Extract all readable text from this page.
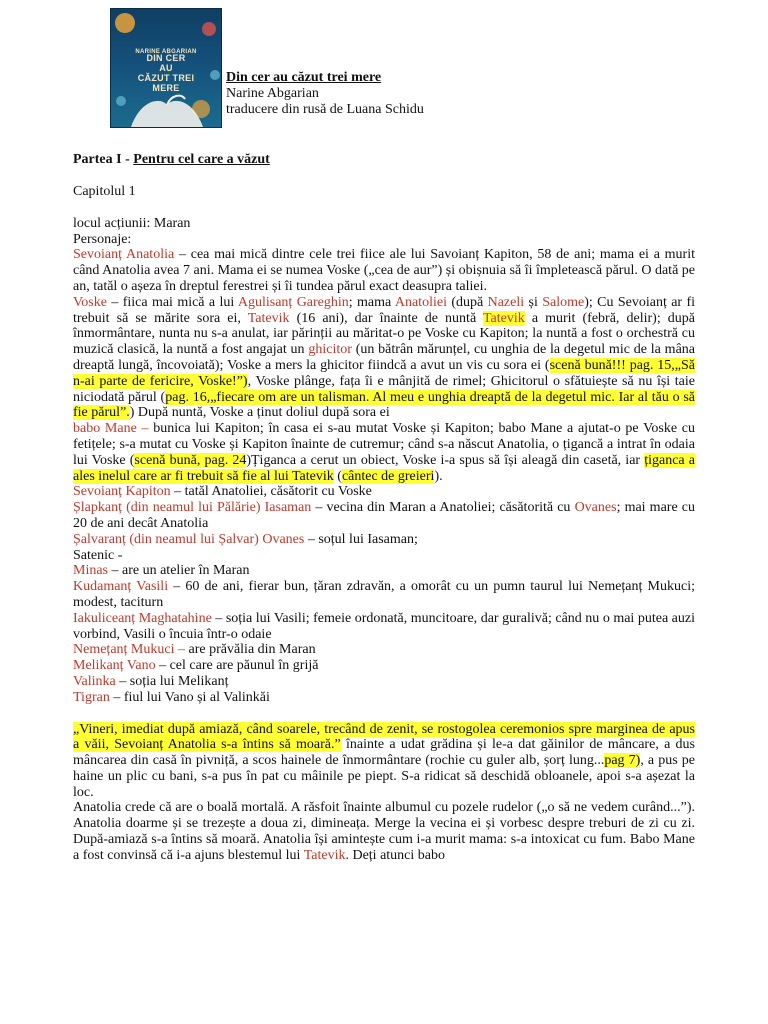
NARINE ABGARIAN
DIN CER
AU
CĂZUT TREI
MERE
HUMANITAS FICTION
Din cer au căzut trei mere
Narine Abgarian
traducere din rusă de Luana Schidu
Partea I - Pentru cel care a văzut
Capitolul 1
locul acțiunii: Maran
Personaje:

Sevoianț Anatolia – cea mai mică dintre cele trei fiice ale lui Savoianț Kapiton, 58 de ani; mama ei a murit când Anatolia avea 7 ani. Mama ei se numea Voske („cea de aur”) și obișnuia să îi împletească părul. O dată pe an, tatăl o așeza în dreptul ferestrei și îi tundea părul exact deasupra taliei.

Voske – fiica mai mică a lui Agulisanț Gareghin; mama Anatoliei (după Nazeli și Salome); Cu Sevoianț ar fi trebuit să se mărite sora ei, Tatevik (16 ani), dar înainte de nuntă Tatevik a murit (febră, delir); după înmormântare, nunta nu s-a anulat, iar părinții au măritat-o pe Voske cu Kapiton; la nuntă a fost o orchestră cu muzică clasică, la nuntă a fost angajat un ghicitor (un bătrân mărunțel, cu unghia de la degetul mic de la mâna dreaptă lungă, încovoiată); Voske a mers la ghicitor fiindcă a avut un vis cu sora ei (scenă bună!!! pag. 15,„Să n-ai parte de fericire, Voske!”), Voske plânge, fața îi e mânjită de rimel; Ghicitorul o sfătuiește să nu își taie niciodată părul (pag. 16,„fiecare om are un talisman. Al meu e unghia dreaptă de la degetul mic. Iar al tău o să fie părul”.) După nuntă, Voske a ținut doliul după sora ei

babo Mane – bunica lui Kapiton; în casa ei s-au mutat Voske și Kapiton; babo Mane a ajutat-o pe Voske cu fetițele; s-a mutat cu Voske și Kapiton înainte de cutremur; când s-a născut Anatolia, o țigancă a intrat în odaia lui Voske (scenă bună, pag. 24)Țiganca a cerut un obiect, Voske i-a spus să își aleagă din casetă, iar țiganca a ales inelul care ar fi trebuit să fie al lui Tatevik (cântec de greieri).

Sevoianț Kapiton – tatăl Anatoliei, căsătorit cu Voske

Șlapkanț (din neamul lui Pălărie) Iasaman – vecina din Maran a Anatoliei; căsătorită cu Ovanes; mai mare cu 20 de ani decât Anatolia

Șalvaranț (din neamul lui Șalvar) Ovanes – soțul lui Iasaman;

Satenic -

Minas – are un atelier în Maran

Kudamanț Vasili – 60 de ani, fierar bun, țăran zdravăn, a omorât cu un pumn taurul lui Nemețanț Mukuci; modest, taciturn

Iakuliceanț Maghatahine – soția lui Vasili; femeie ordonată, muncitoare, dar guralivă; când nu o mai putea auzi vorbind, Vasili o încuia într-o odaie

Nemețanț Mukuci – are prăvălia din Maran

Melikanț Vano – cel care are păunul în grijă

Valinka – soția lui Melikanț

Tigran – fiul lui Vano și al Valinkăi

„Vineri, imediat după amiază, când soarele, trecând de zenit, se rostogolea ceremonios spre marginea de apus a văii, Sevoianț Anatolia s-a întins să moară.” înainte a udat grădina și le-a dat găinilor de mâncare, a dus mâncarea din casă în pivniță, a scos hainele de înmormântare (rochie cu guler alb, șorț lung...pag 7), a pus pe haine un plic cu bani, s-a pus în pat cu mâinile pe piept. S-a ridicat să deschidă obloanele, apoi s-a așezat la loc.

Anatolia crede că are o boală mortală. A răsfoit înainte albumul cu pozele rudelor („o să ne vedem curând...”). Anatolia doarme și se trezește a doua zi, dimineața. Merge la vecina ei și vorbesc despre treburi de zi cu zi. După-amiază s-a întins să moară. Anatolia își amintește cum i-a murit mama: s-a intoxicat cu fum. Babo Mane a fost convinsă că i-a ajuns blestemul lui Tatevik. Deți atunci babo
